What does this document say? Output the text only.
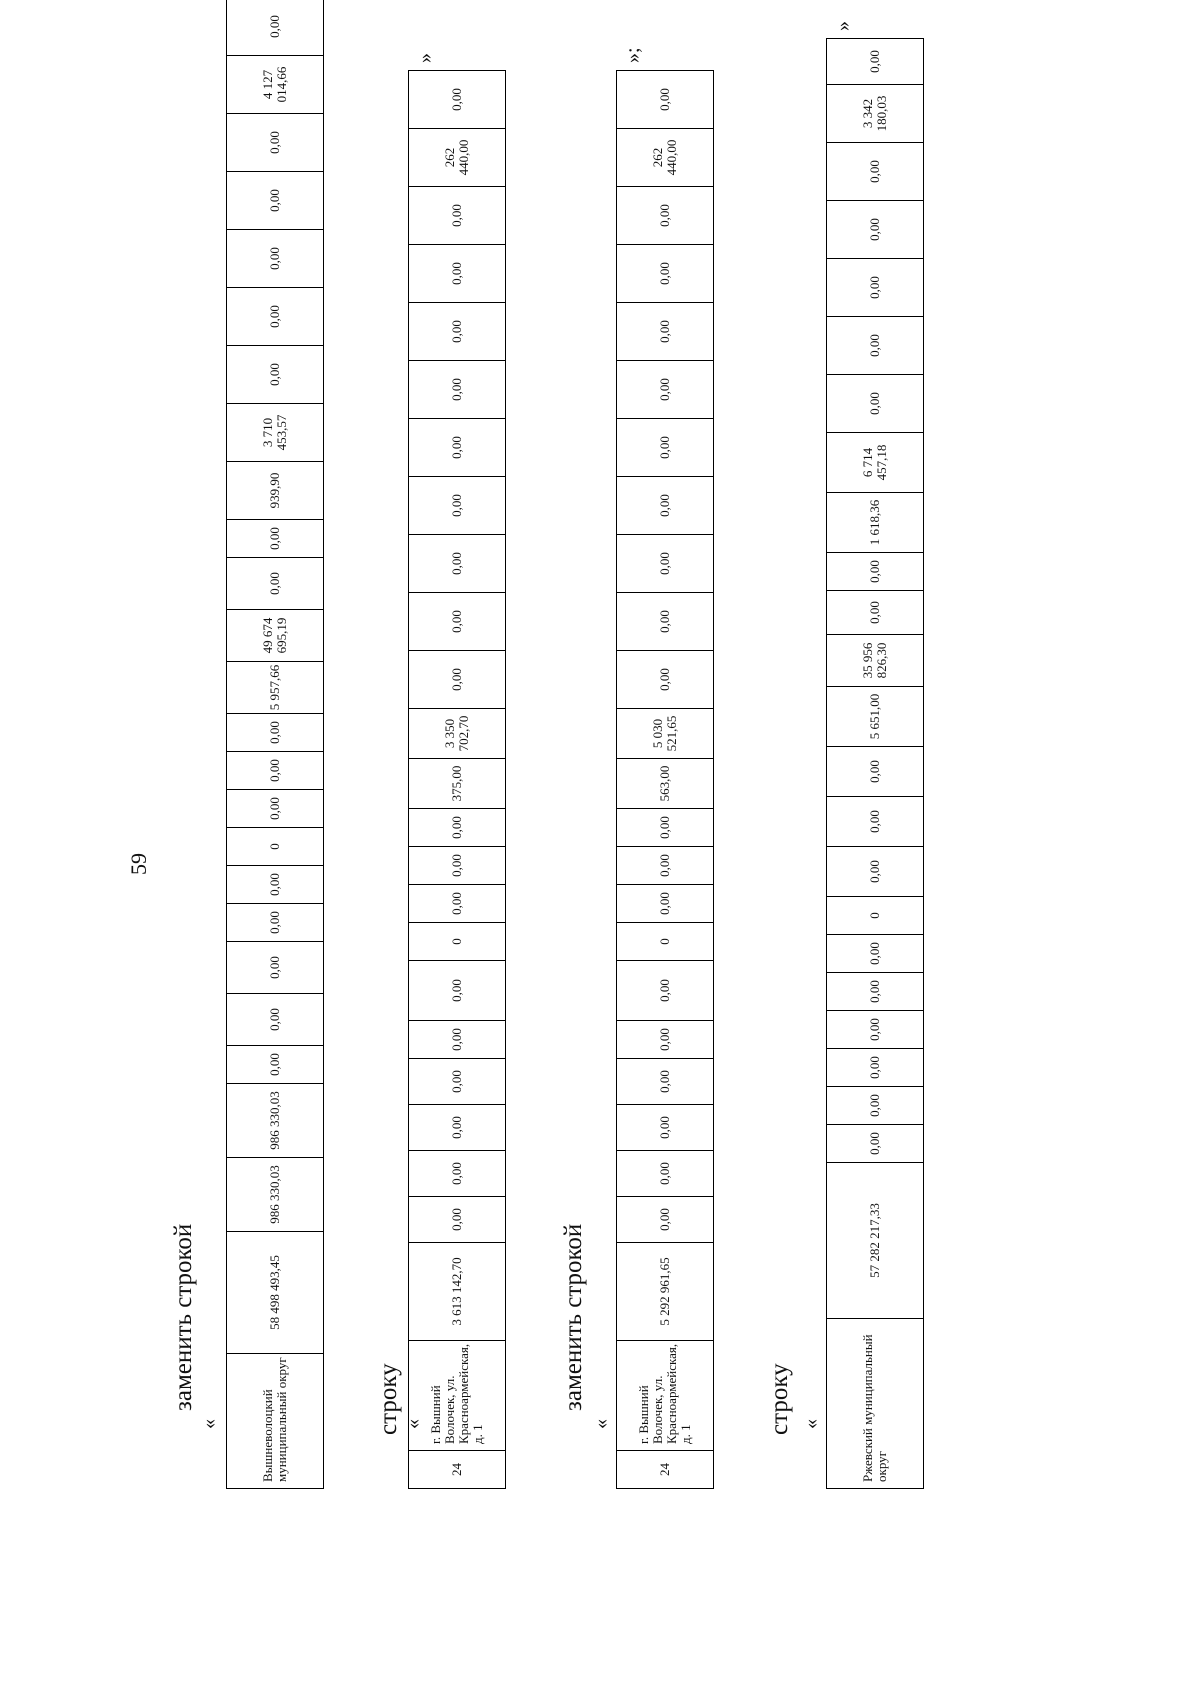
59
заменить строкой
«	Вышневолоцкий муниципальный округ	58 498 493,45	986 330,03	986 330,03	0,00	0,00	0,00	0,00	0,00	0	0,00	0,00	0,00	5 957,66	49 674 695,19	0,00	0,00	939,90	3 710 453,57	0,00	0,00	0,00	0,00	0,00	4 127 014,66	0,00
строку «
24	г. Вышний Волочек, ул. Красноармейская, д. 1	3 613 142,70	0,00	0,00	0,00	0,00	0,00	0,00	0	0,00	0,00	0,00	375,00	3 350 702,70	0,00	0,00	0,00	0,00	0,00	0,00	0,00	0,00	0,00	262 440,00	0,00
»
заменить строкой
«
24	г. Вышний Волочек, ул. Красноармейская, д. 1	5 292 961,65	0,00	0,00	0,00	0,00	0,00	0,00	0	0,00	0,00	0,00	563,00	5 030 521,65	0,00	0,00	0,00	0,00	0,00	0,00	0,00	0,00	0,00	262 440,00	0,00
»;
строку «	Ржевский муниципальный округ	57 282 217,33	0,00	0,00	0,00	0,00	0,00	0,00	0	0,00	0,00	0,00	5 651,00	35 956 826,30	0,00	0,00	1 618,36	6 714 457,18	0,00	0,00	0,00	0,00	0,00	3 342 180,03	0,00
»
